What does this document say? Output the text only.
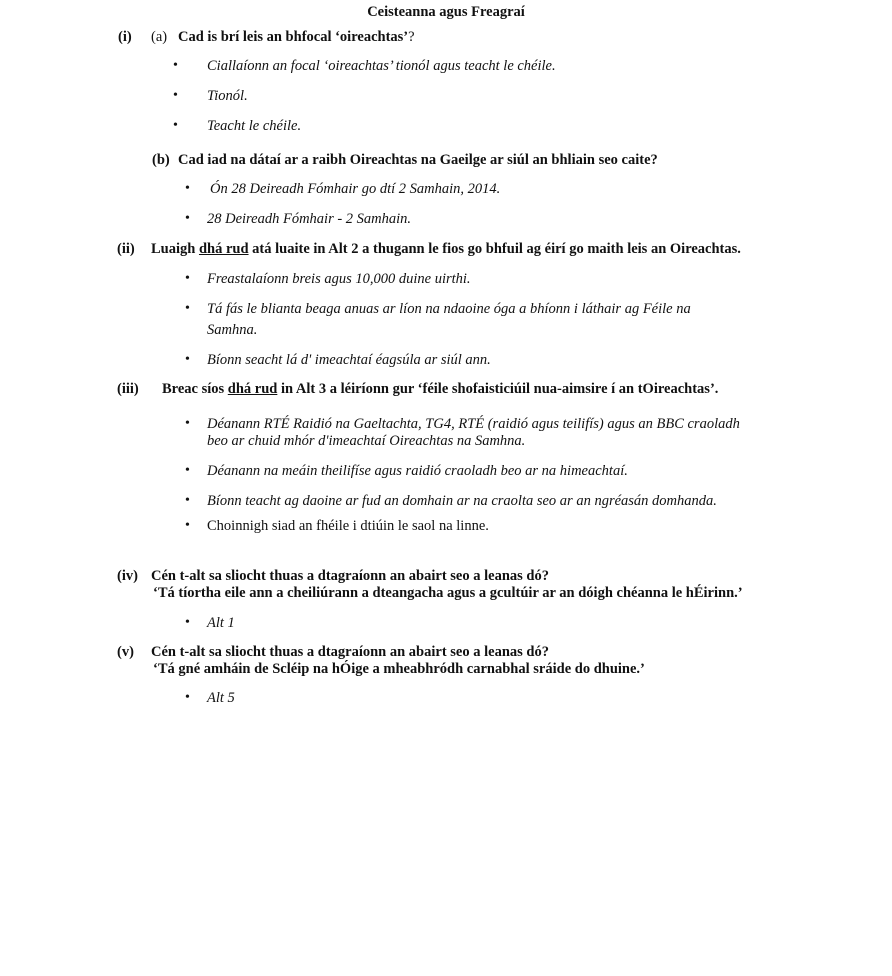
Ceisteanna agus Freagraí
(i) (a) Cad is brí leis an bhfocal ‘oireachtas’?
• Ciallaíonn an focal ‘oireachtas’ tionól agus teacht le chéile.
• Tionól.
• Teacht le chéile.
(b) Cad iad na dátaí ar a raibh Oireachtas na Gaeilge ar siúl an bhliain seo caite?
• Ón 28 Deireadh Fómhair go dtí 2 Samhain, 2014.
• 28 Deireadh Fómhair - 2 Samhain.
(ii) Luaigh dhá rud atá luaite in Alt 2 a thugann le fios go bhfuil ag éirí go maith leis an Oireachtas.
• Freastalaíonn breis agus 10,000 duine uirthi.
• Tá fás le blianta beaga anuas ar líon na ndaoine óga a bhíonn i láthair ag Féile na
Samhna.
• Bíonn seacht lá d' imeachtaí éagsúla ar siúl ann.
(iii) Breac síos dhá rud in Alt 3 a léiríonn gur ‘féile shofaisticiúil nua-aimsire í an tOireachtas’.
• Déanann RTÉ Raidió na Gaeltachta, TG4, RTÉ (raidió agus teilifís) agus an BBC craoladh
beo ar chuid mhór d'imeachtaí Oireachtas na Samhna.
• Déanann na meáin theilifíse agus raidió craoladh beo ar na himeachtaí.
• Bíonn teacht ag daoine ar fud an domhain ar na craolta seo ar an ngréasán domhanda.
• Choinnigh siad an fhéile i dtiúin le saol na linne.
(iv) Cén t-alt sa sliocht thuas a dtagraíonn an abairt seo a leanas dó?
‘Tá tíortha eile ann a cheiliúrann a dteangacha agus a gcultúir ar an dóigh chéanna le hÉirinn.’
• Alt 1
(v) Cén t-alt sa sliocht thuas a dtagraíonn an abairt seo a leanas dó?
‘Tá gné amháin de Scléip na hÓige a mheabhródh carnabhal sráide do dhuine.’
• Alt 5
